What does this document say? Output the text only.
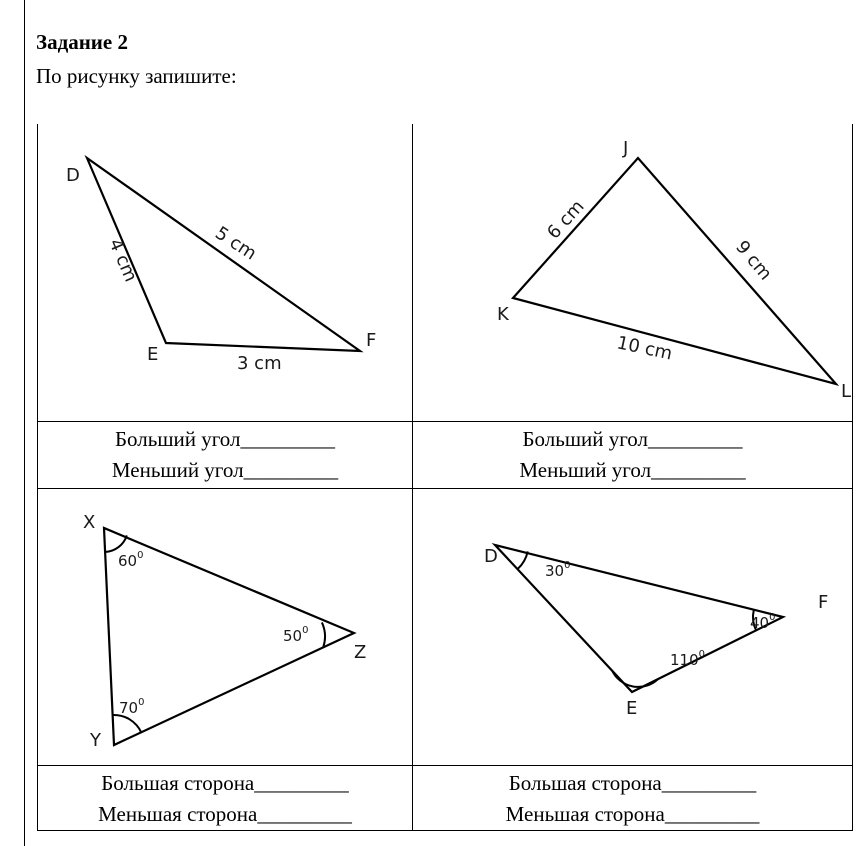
Задание 2
По рисунку запишите:
D
E
F
4 cm	5 cm
3 cm
J
K
L
6 cm
9 cm
10 cm
Больший угол_________
Меньший угол_________
Больший угол_________
Меньший угол_________
X
Y
Z
$60^0$
$70^0$
$50^0$
D
E
F
$30^0$
$110^0$
$40^0$
Большая сторона_________
Меньшая сторона_________
Большая сторона_________
Меньшая сторона_________
